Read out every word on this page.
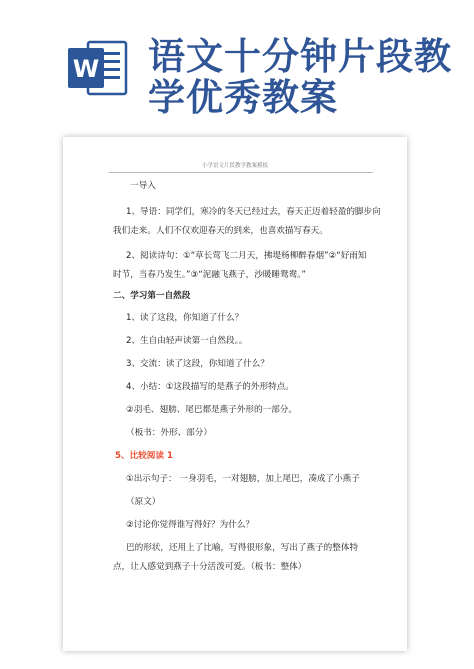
W 语文十分钟片段教
学优秀教案
小学语文片段教学教案模板
一导入
1、导语：同学们，寒冷的冬天已经过去，春天正迈着轻盈的脚步向
我们走来。人们不仅欢迎春天的到来，也喜欢描写春天。
2、阅读诗句：①“草长莺飞二月天，拂堤杨柳醉春烟”②“好雨知
时节，当春乃发生。”③“泥融飞燕子，沙暖睡鸳鸯。”
二、学习第一自然段
1、读了这段，你知道了什么？
2、生自由轻声读第一自然段。。
3、交流：读了这段，你知道了什么？
4、小结：①这段描写的是燕子的外形特点。
②羽毛、翅膀、尾巴都是燕子外形的一部分。
（板书：外形、部分）
5、比较阅读 1
①出示句子： 一身羽毛，一对翅膀，加上尾巴，凑成了小燕子
（原文）
②讨论你觉得谁写得好？为什么？
巴的形状，还用上了比喻，写得很形象，写出了燕子的整体特
点，让人感觉到燕子十分活泼可爱。（板书：整体）
